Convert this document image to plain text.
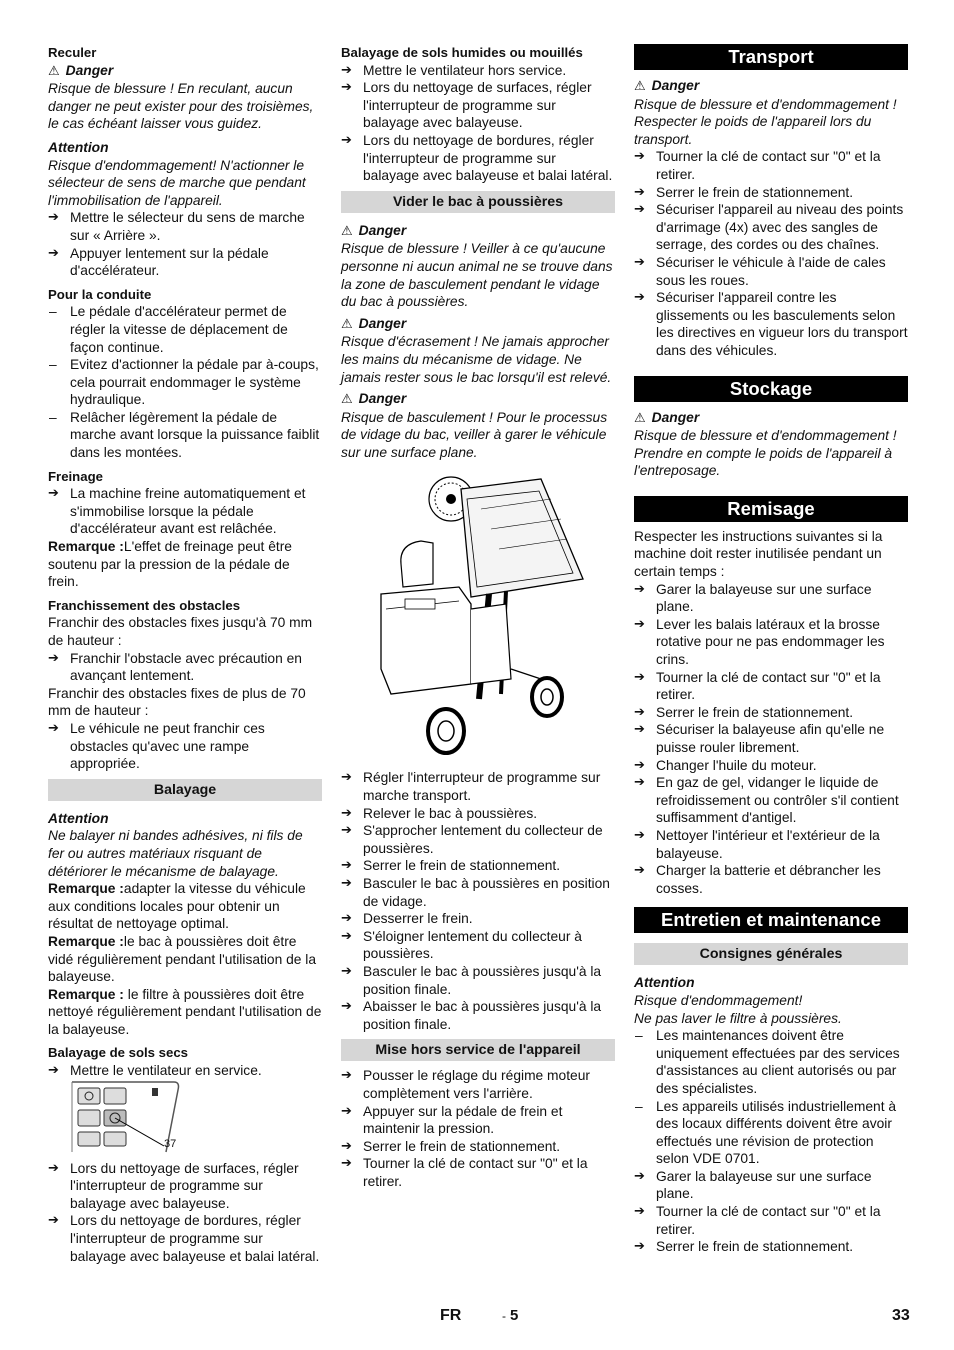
Reculer

⚠ Danger

Risque de blessure ! En reculant, aucun danger ne peut exister pour des troisièmes, le cas échéant laisser vous guidez.

Attention

Risque d'endommagement! N'actionner le sélecteur de sens de marche que pendant l'immobilisation de l'appareil.

➔ Mettre le sélecteur du sens de marche sur « Arrière ».

➔ Appuyer lentement sur la pédale d'accélérateur.

Pour la conduite

– Le pédale d'accélérateur permet de régler la vitesse de déplacement de façon continue.

– Evitez d'actionner la pédale par à-coups, cela pourrait endommager le système hydraulique.

– Relâcher légèrement la pédale de marche avant lorsque la puissance faiblit dans les montées.

Freinage

➔ La machine freine automatiquement et s'immobilise lorsque la pédale d'accélérateur avant est relâchée.

Remarque :L'effet de freinage peut être soutenu par la pression de la pédale de frein.

Franchissement des obstacles

Franchir des obstacles fixes jusqu'à 70 mm de hauteur :

➔ Franchir l'obstacle avec précaution en avançant lentement.

Franchir des obstacles fixes de plus de 70 mm de hauteur :

➔ Le véhicule ne peut franchir ces obstacles qu'avec une rampe appropriée.

Balayage

Attention

Ne balayer ni bandes adhésives, ni fils de fer ou autres matériaux risquant de détériorer le mécanisme de balayage.

Remarque :adapter la vitesse du véhicule aux conditions locales pour obtenir un résultat de nettoyage optimal.

Remarque :le bac à poussières doit être vidé régulièrement pendant l'utilisation de la balayeuse.

Remarque : le filtre à poussières doit être nettoyé régulièrement pendant l'utilisation de la balayeuse.

Balayage de sols secs

➔ Mettre le ventilateur en service.

37

➔ Lors du nettoyage de surfaces, régler l'interrupteur de programme sur balayage avec balayeuse.

➔ Lors du nettoyage de bordures, régler l'interrupteur de programme sur balayage avec balayeuse et balai latéral.

Balayage de sols humides ou mouillés

➔ Mettre le ventilateur hors service.

➔ Lors du nettoyage de surfaces, régler l'interrupteur de programme sur balayage avec balayeuse.

➔ Lors du nettoyage de bordures, régler l'interrupteur de programme sur balayage avec balayeuse et balai latéral.

Vider le bac à poussières

⚠ Danger

Risque de blessure ! Veiller à ce qu'aucune personne ni aucun animal ne se trouve dans la zone de basculement pendant le vidage du bac à poussières.

⚠ Danger

Risque d'écrasement ! Ne jamais approcher les mains du mécanisme de vidage. Ne jamais rester sous le bac lorsqu'il est relevé.

⚠ Danger

Risque de basculement ! Pour le processus de vidage du bac, veiller à garer le véhicule sur une surface plane.

➔ Régler l'interrupteur de programme sur marche transport.

➔ Relever le bac à poussières.

➔ S'approcher lentement du collecteur de poussières.

➔ Serrer le frein de stationnement.

➔ Basculer le bac à poussières en position de vidage.

➔ Desserrer le frein.

➔ S'éloigner lentement du collecteur à poussières.

➔ Basculer le bac à poussières jusqu'à la position finale.

➔ Abaisser le bac à poussières jusqu'à la position finale.

Mise hors service de l'appareil

➔ Pousser le réglage du régime moteur complètement vers l'arrière.

➔ Appuyer sur la pédale de frein et maintenir la pression.

➔ Serrer le frein de stationnement.

➔ Tourner la clé de contact sur "0" et la retirer.

Transport

⚠ Danger

Risque de blessure et d'endommagement ! Respecter le poids de l'appareil lors du transport.

➔ Tourner la clé de contact sur "0" et la retirer.

➔ Serrer le frein de stationnement.

➔ Sécuriser l'appareil au niveau des points d'arrimage (4x) avec des sangles de serrage, des cordes ou des chaînes.

➔ Sécuriser le véhicule à l'aide de cales sous les roues.

➔ Sécuriser l'appareil contre les glissements ou les basculements selon les directives en vigueur lors du transport dans des véhicules.

Stockage

⚠ Danger

Risque de blessure et d'endommagement ! Prendre en compte le poids de l'appareil à l'entreposage.

Remisage

Respecter les instructions suivantes si la machine doit rester inutilisée pendant un certain temps :

➔ Garer la balayeuse sur une surface plane.

➔ Lever les balais latéraux et la brosse rotative pour ne pas endommager les crins.

➔ Tourner la clé de contact sur "0" et la retirer.

➔ Serrer le frein de stationnement.

➔ Sécuriser la balayeuse afin qu'elle ne puisse rouler librement.

➔ Changer l'huile du moteur.

➔ En gaz de gel, vidanger le liquide de refroidissement ou contrôler s'il contient suffisamment d'antigel.

➔ Nettoyer l'intérieur et l'extérieur de la balayeuse.

➔ Charger la batterie et débrancher les cosses.

Entretien et maintenance

Consignes générales

Attention

Risque d'endommagement!

Ne pas laver le filtre à poussières.

– Les maintenances doivent être uniquement effectuées par des services d'assistances au client autorisés ou par des spécialistes.

– Les appareils utilisés industriellement à des locaux différents doivent être avoir effectués une révision de protection selon VDE 0701.

➔ Garer la balayeuse sur une surface plane.

➔ Tourner la clé de contact sur "0" et la retirer.

➔ Serrer le frein de stationnement.

FR	- 5	33
